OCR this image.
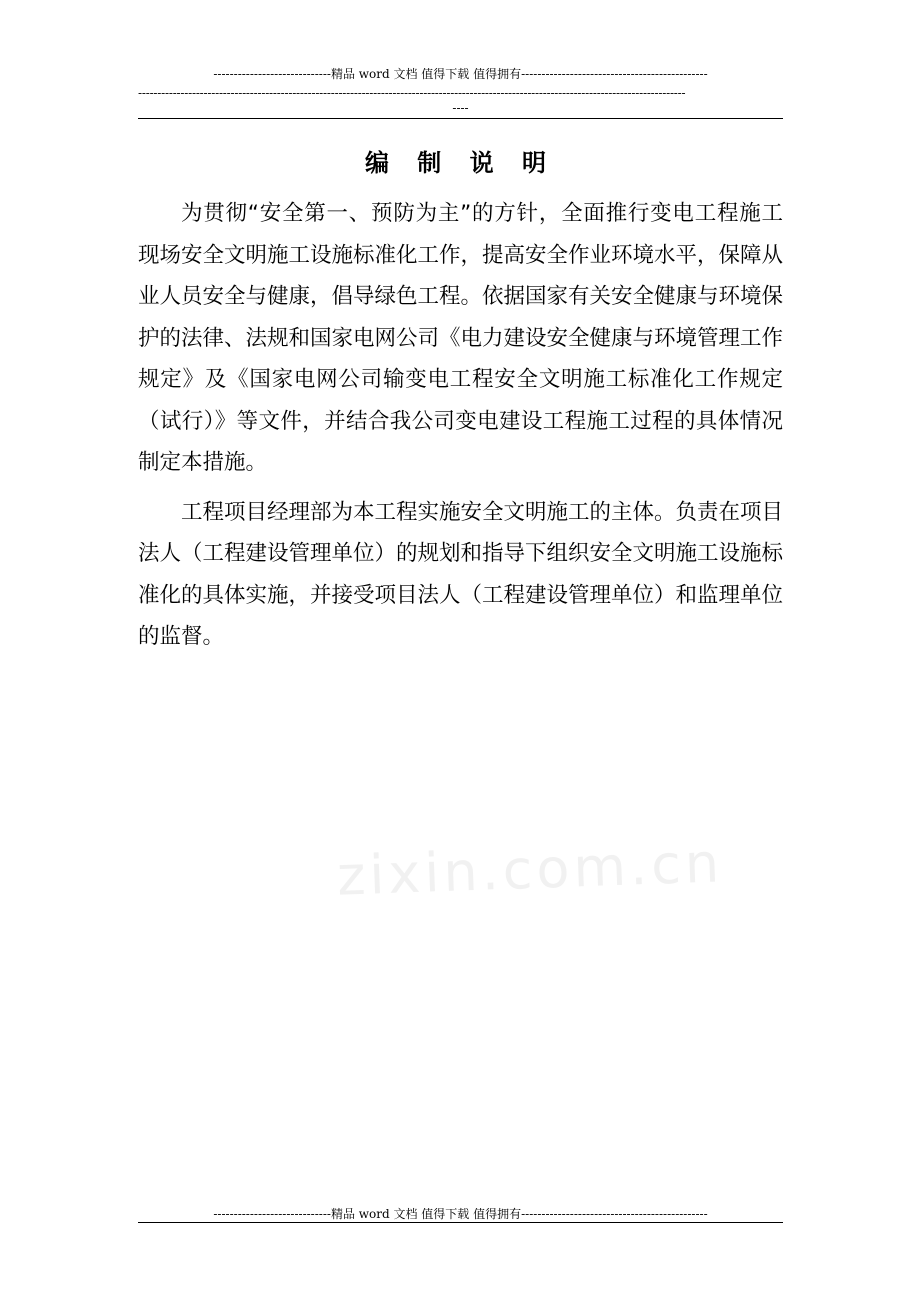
-----------------------------精品 word 文档 值得下载 值得拥有----------------------------------------------
----------------------------------------------------------------------------------------------------------------------------------------------
----
编 制 说 明

为贯彻“安全第一、预防为主”的方针，全面推行变电工程施工现场安全文明施工设施标准化工作，提高安全作业环境水平，保障从业人员安全与健康，倡导绿色工程。依据国家有关安全健康与环境保护的法律、法规和国家电网公司《电力建设安全健康与环境管理工作规定》及《国家电网公司输变电工程安全文明施工标准化工作规定（试行）》等文件，并结合我公司变电建设工程施工过程的具体情况制定本措施。

工程项目经理部为本工程实施安全文明施工的主体。负责在项目法人（工程建设管理单位）的规划和指导下组织安全文明施工设施标准化的具体实施，并接受项目法人（工程建设管理单位）和监理单位的监督。

zixin.com.cn
-----------------------------精品 word 文档 值得下载 值得拥有----------------------------------------------
